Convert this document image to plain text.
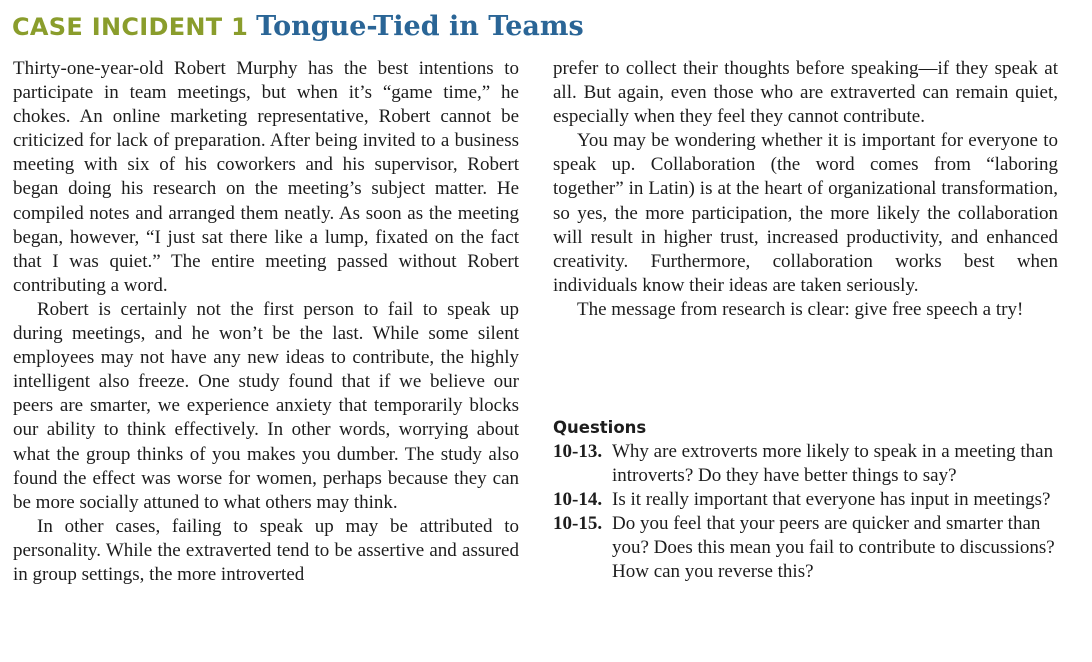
CASE INCIDENT 1 Tongue-Tied in Teams

Thirty-one-year-old Robert Murphy has the best intentions to participate in team meetings, but when it’s “game time,” he chokes. An online marketing representative, Robert cannot be criticized for lack of preparation. After being invited to a business meeting with six of his coworkers and his supervisor, Robert began doing his research on the meeting’s subject matter. He compiled notes and arranged them neatly. As soon as the meeting began, however, “I just sat there like a lump, fixated on the fact that I was quiet.” The entire meeting passed without Robert contributing a word.

Robert is certainly not the first person to fail to speak up during meetings, and he won’t be the last. While some silent employees may not have any new ideas to contribute, the highly intelligent also freeze. One study found that if we believe our peers are smarter, we experience anxiety that temporarily blocks our ability to think effectively. In other words, worrying about what the group thinks of you makes you dumber. The study also found the effect was worse for women, perhaps because they can be more socially attuned to what others may think.

In other cases, failing to speak up may be attributed to personality. While the extraverted tend to be assertive and assured in group settings, the more introverted

prefer to collect their thoughts before speaking—if they speak at all. But again, even those who are extraverted can remain quiet, especially when they feel they cannot contribute.

You may be wondering whether it is important for everyone to speak up. Collaboration (the word comes from “laboring together” in Latin) is at the heart of organizational transformation, so yes, the more participation, the more likely the collaboration will result in higher trust, increased productivity, and enhanced creativity. Furthermore, collaboration works best when individuals know their ideas are taken seriously.

The message from research is clear: give free speech a try!

Questions
10-13. Why are extroverts more likely to speak in a meeting than introverts? Do they have better things to say?
10-14. Is it really important that everyone has input in meetings?
10-15. Do you feel that your peers are quicker and smarter than you? Does this mean you fail to contribute to discussions? How can you reverse this?
